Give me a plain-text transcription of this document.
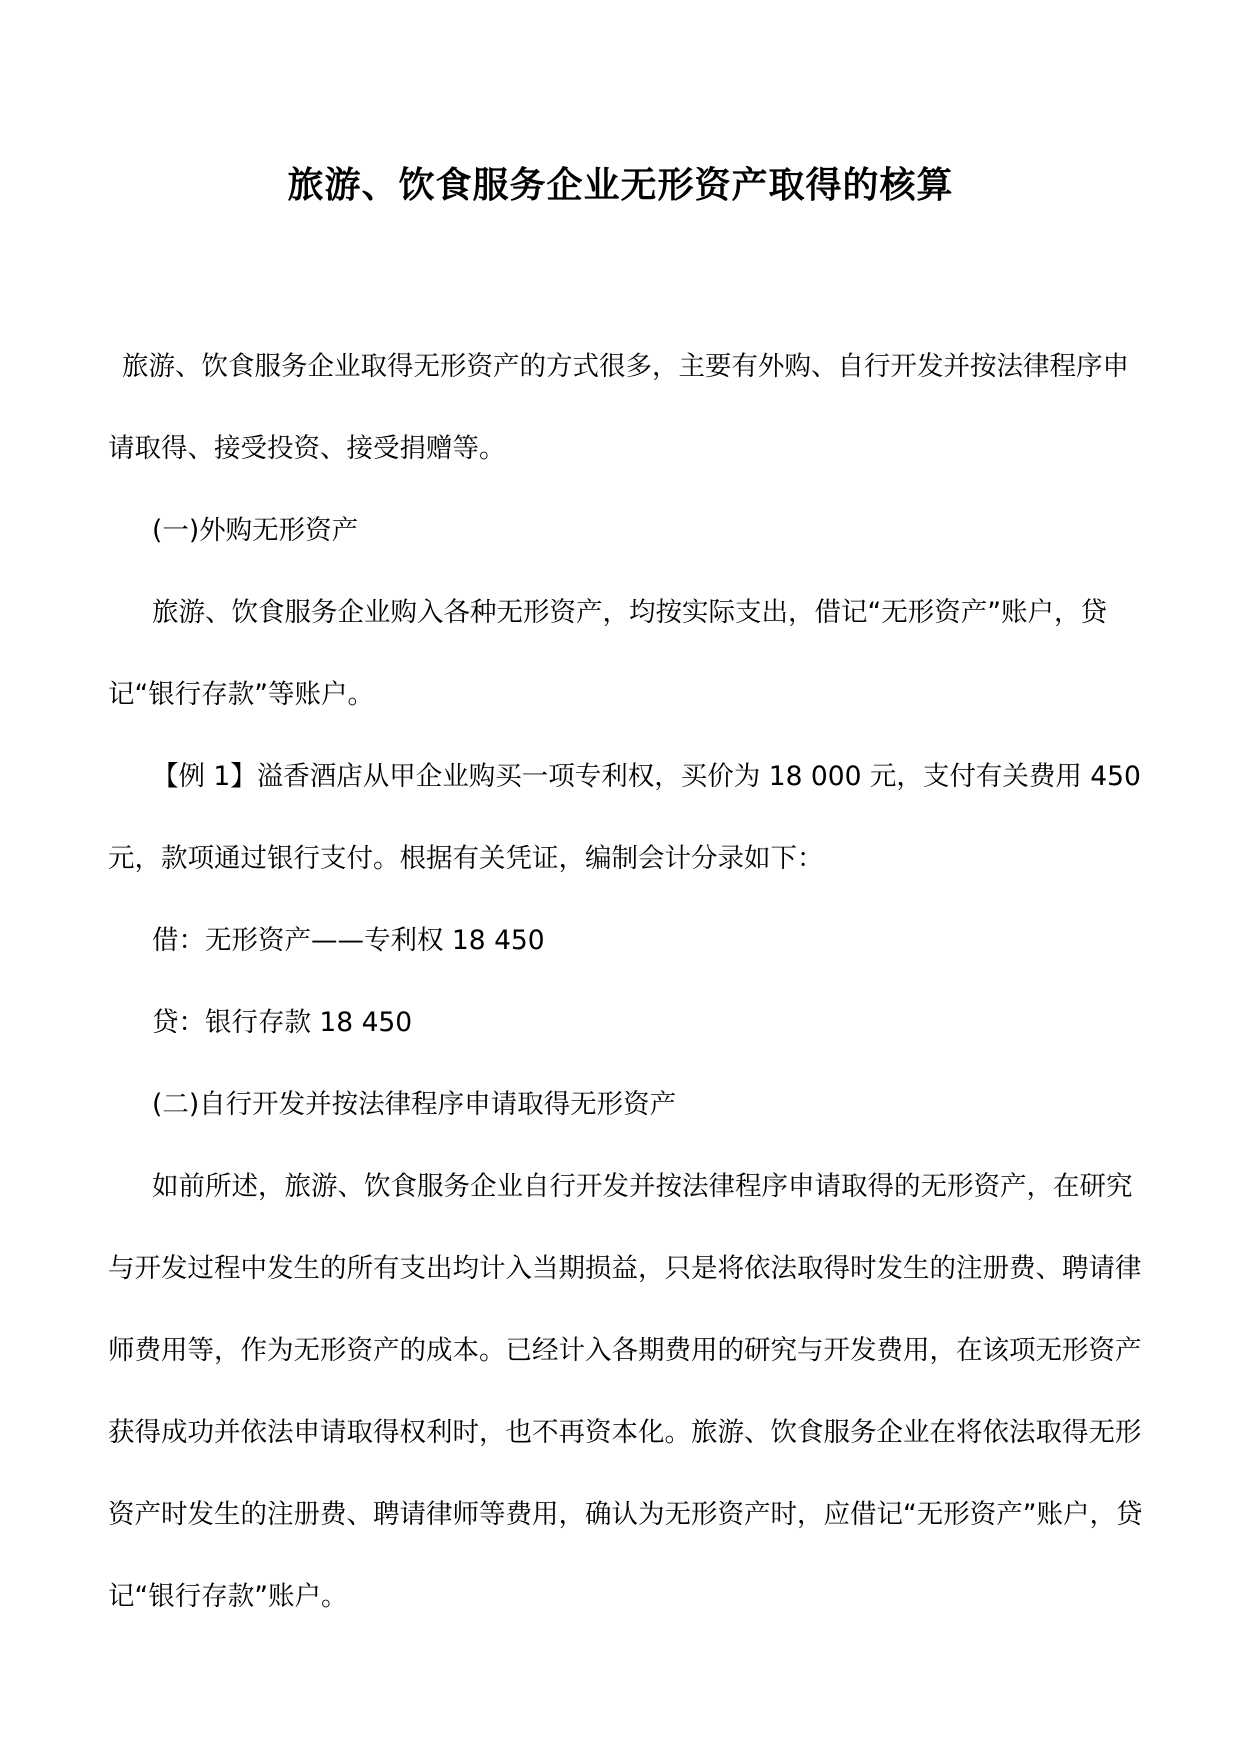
旅游、饮食服务企业无形资产取得的核算

旅游、饮食服务企业取得无形资产的方式很多，主要有外购、自行开发并按法律程序申请取得、接受投资、接受捐赠等。

(一)外购无形资产

旅游、饮食服务企业购入各种无形资产，均按实际支出，借记“无形资产”账户，贷记“银行存款”等账户。

【例 1】溢香酒店从甲企业购买一项专利权，买价为 18 000 元，支付有关费用 450 元，款项通过银行支付。根据有关凭证，编制会计分录如下：

借：无形资产——专利权 18 450

贷：银行存款 18 450

(二)自行开发并按法律程序申请取得无形资产

如前所述，旅游、饮食服务企业自行开发并按法律程序申请取得的无形资产，在研究与开发过程中发生的所有支出均计入当期损益，只是将依法取得时发生的注册费、聘请律师费用等，作为无形资产的成本。已经计入各期费用的研究与开发费用，在该项无形资产获得成功并依法申请取得权利时，也不再资本化。旅游、饮食服务企业在将依法取得无形资产时发生的注册费、聘请律师等费用，确认为无形资产时，应借记“无形资产”账户，贷记“银行存款”账户。
